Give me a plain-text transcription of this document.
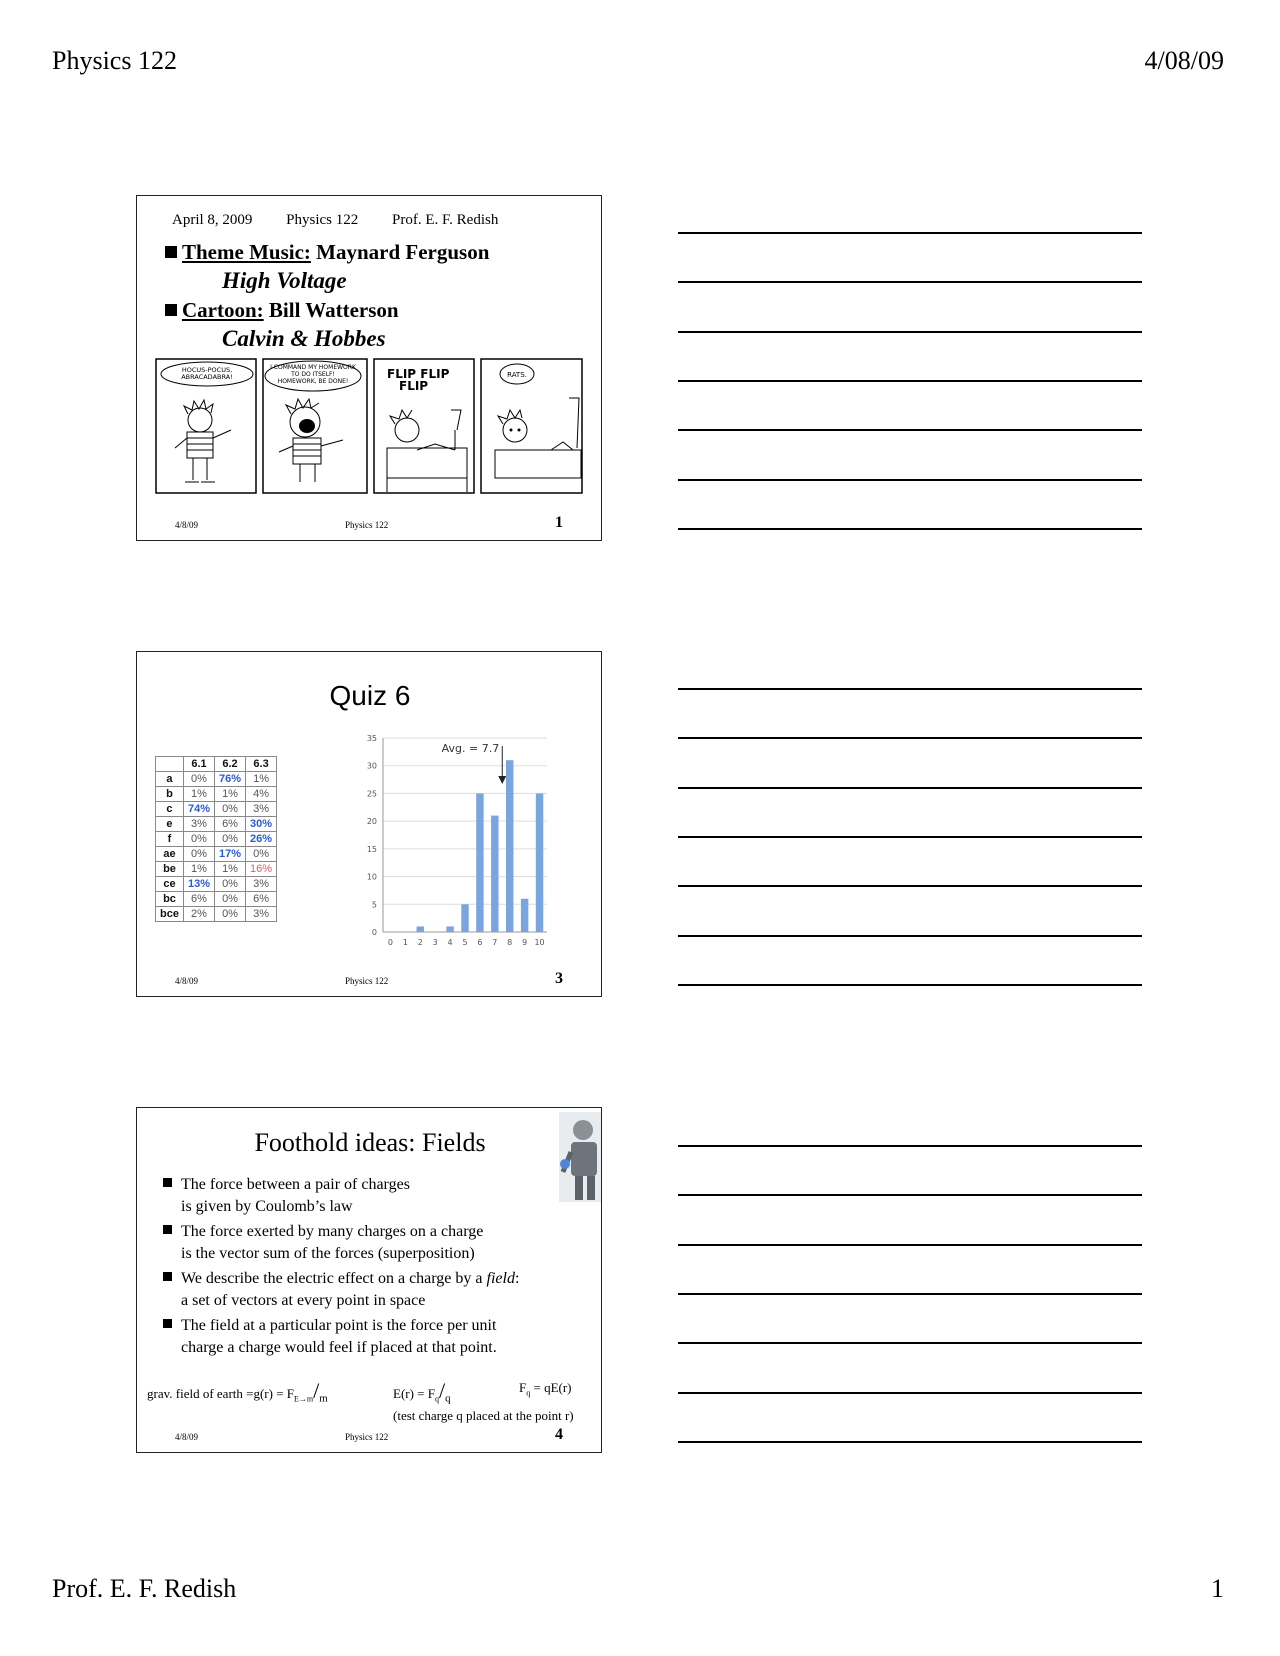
Physics 122	4/08/09
Prof. E. F. Redish	1
April 8, 2009 Physics 122 Prof. E. F. Redish
Theme Music: Maynard Ferguson
High Voltage
Cartoon: Bill Watterson
Calvin & Hobbes
HOCUS-POCUS, ABRACADABRA!
I COMMAND MY HOMEWORK TO DO ITSELF! HOMEWORK, BE DONE!
FLIP FLIP FLIP
RATS.
4/8/09	Physics 122	1
Quiz 6
	6.1	6.2	6.3
a	0%	76%	1%
b	1%	1%	4%
c	74%	0%	3%
e	3%	6%	30%
f	0%	0%	26%
ae	0%	17%	0%
be	1%	1%	16%
ce	13%	0%	3%
bc	6%	0%	6%
bce	2%	0%	3%
0
5
10
15
20
25
30
35
0 1 2 3 4 5 6 7 8 9 10
Avg. = 7.7
4/8/09	Physics 122	3
Foothold ideas: Fields
The force between a pair of charges
is given by Coulomb’s law
The force exerted by many charges on a charge
is the vector sum of the forces (superposition)
We describe the electric effect on a charge by a field:
a set of vectors at every point in space
The field at a particular point is the force per unit
charge a charge would feel if placed at that point.
grav. field of earth $=g(r) = F_{E\to m}/_m$	$E(r) = F_q/_q$
$F_q = qE(r)$
(test charge q placed at the point r)
4/8/09	Physics 122	4
